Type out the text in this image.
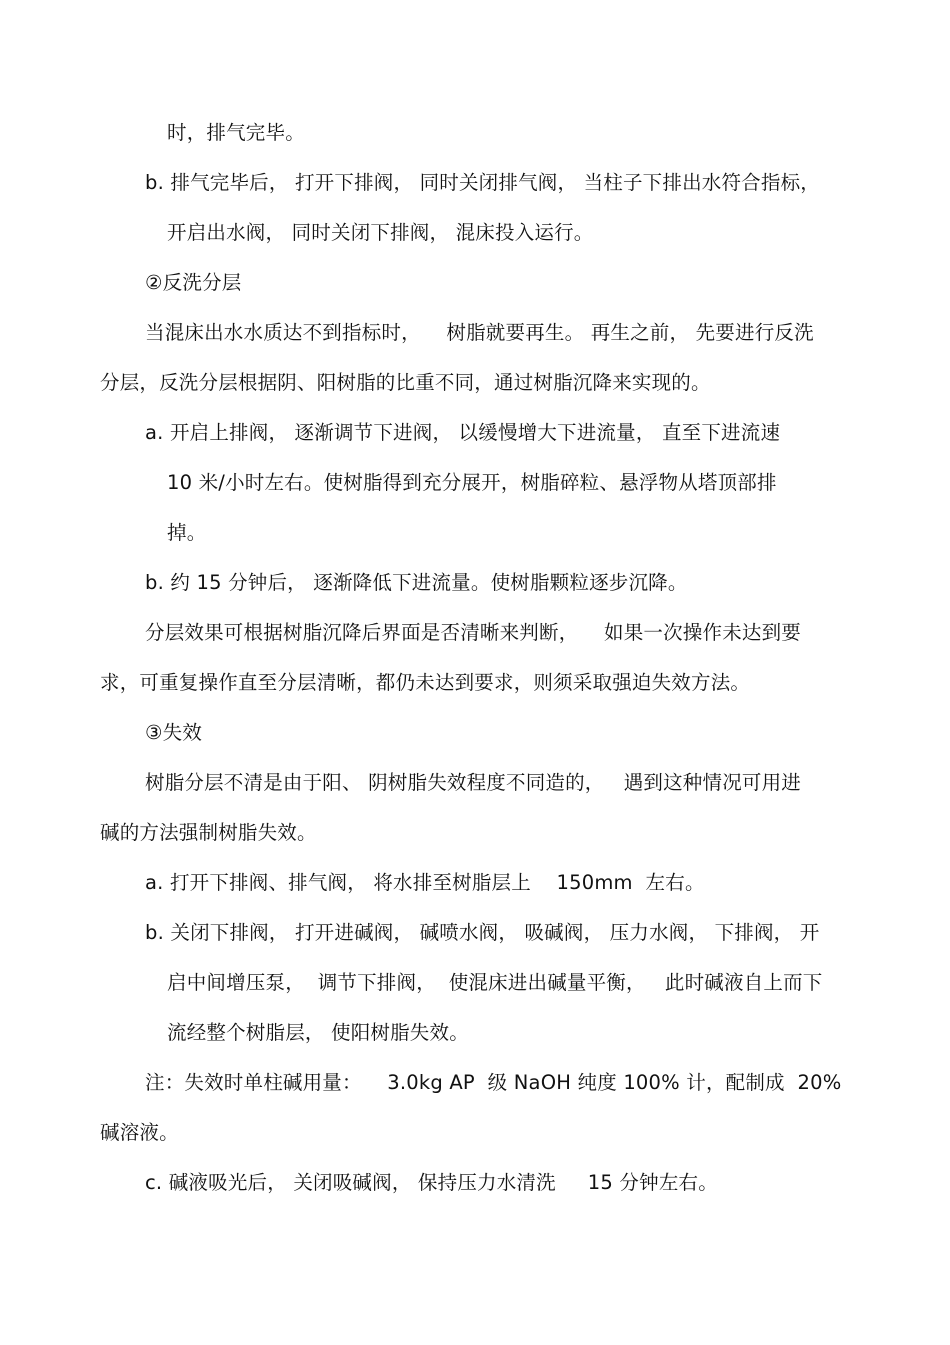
时，排气完毕。
b. 排气完毕后， 打开下排阀， 同时关闭排气阀， 当柱子下排出水符合指标，
开启出水阀， 同时关闭下排阀， 混床投入运行。
②反洗分层
当混床出水水质达不到指标时，    树脂就要再生。 再生之前， 先要进行反洗
分层，反洗分层根据阴、阳树脂的比重不同，通过树脂沉降来实现的。
a. 开启上排阀， 逐渐调节下进阀， 以缓慢增大下进流量， 直至下进流速
10 米/小时左右。使树脂得到充分展开，树脂碎粒、悬浮物从塔顶部排
掉。
b. 约 15 分钟后， 逐渐降低下进流量。使树脂颗粒逐步沉降。
分层效果可根据树脂沉降后界面是否清晰来判断，    如果一次操作未达到要
求，可重复操作直至分层清晰，都仍未达到要求，则须采取强迫失效方法。
③失效
树脂分层不清是由于阳、 阴树脂失效程度不同造的，   遇到这种情况可用进
碱的方法强制树脂失效。
a. 打开下排阀、排气阀， 将水排至树脂层上    150mm  左右。
b. 关闭下排阀， 打开进碱阀， 碱喷水阀， 吸碱阀， 压力水阀， 下排阀， 开
启中间增压泵，  调节下排阀，  使混床进出碱量平衡，   此时碱液自上而下
流经整个树脂层， 使阳树脂失效。
注：失效时单柱碱用量：    3.0kg AP  级 NaOH 纯度 100% 计，配制成  20%
碱溶液。
c. 碱液吸光后， 关闭吸碱阀， 保持压力水清洗     15 分钟左右。
